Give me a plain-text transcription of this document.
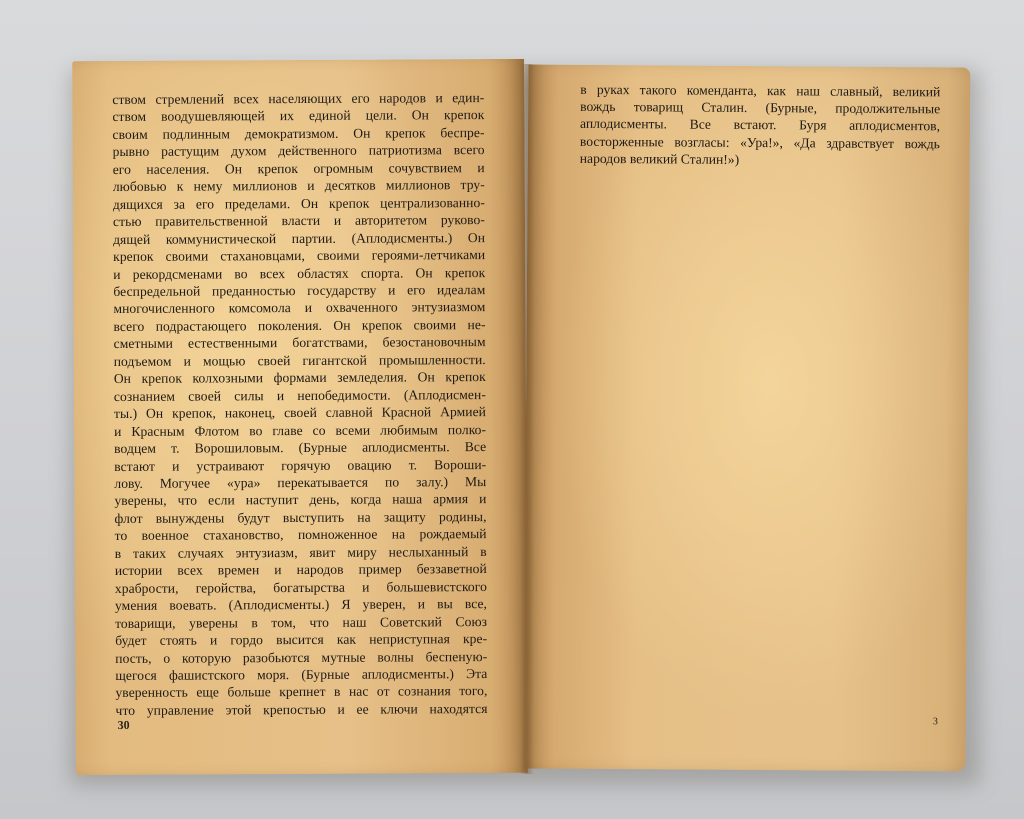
ством стремлений всех населяющих его народов и един-
ством воодушевляющей их единой цели. Он крепок
своим подлинным демократизмом. Он крепок беспре-
рывно растущим духом действенного патриотизма всего
его населения. Он крепок огромным сочувствием и
любовью к нему миллионов и десятков миллионов тру-
дящихся за его пределами. Он крепок централизованно-
стью правительственной власти и авторитетом руково-
дящей коммунистической партии. (Аплодисменты.) Он
крепок своими стахановцами, своими героями-летчиками
и рекордсменами во всех областях спорта. Он крепок
беспредельной преданностью государству и его идеалам
многочисленного комсомола и охваченного энтузиазмом
всего подрастающего поколения. Он крепок своими не-
сметными естественными богатствами, безостановочным
подъемом и мощью своей гигантской промышленности.
Он крепок колхозными формами земледелия. Он крепок
сознанием своей силы и непобедимости. (Аплодисмен-
ты.) Он крепок, наконец, своей славной Красной Армией
и Красным Флотом во главе со всеми любимым полко-
водцем т. Ворошиловым. (Бурные аплодисменты. Все
встают и устраивают горячую овацию т. Вороши-
лову. Могучее «ура» перекатывается по залу.) Мы
уверены, что если наступит день, когда наша армия и
флот вынуждены будут выступить на защиту родины,
то военное стахановство, помноженное на рождаемый
в таких случаях энтузиазм, явит миру неслыханный в
истории всех времен и народов пример беззаветной
храбрости, геройства, богатырства и большевистского
умения воевать. (Аплодисменты.) Я уверен, и вы все,
товарищи, уверены в том, что наш Советский Союз
будет стоять и гордо высится как неприступная кре-
пость, о которую разобьются мутные волны беспеную-
щегося фашистского моря. (Бурные аплодисменты.) Эта
уверенность еще больше крепнет в нас от сознания того,
что управление этой крепостью и ее ключи находятся
30
в руках такого коменданта, как наш славный, великий
вождь товарищ Сталин. (Бурные, продолжительные
аплодисменты. Все встают. Буря аплодисментов,
восторженные возгласы: «Ура!», «Да здравствует вождь
народов великий Сталин!»)
3
